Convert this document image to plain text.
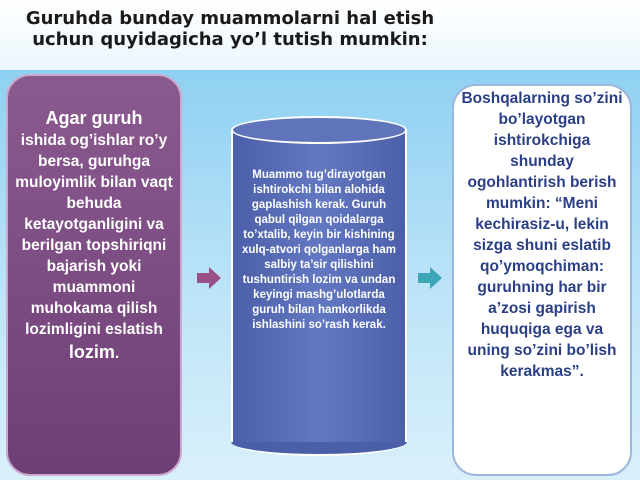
Guruhda bunday muammolarni hal etish uchun quyidagicha yo’l tutish mumkin:
Agar guruh
ishida og’ishlar ro’y bersa, guruhga muloyimlik bilan vaqt behuda ketayotganligini va berilgan topshiriqni bajarish yoki muammoni muhokama qilish lozimligini eslatish lozim.
Muammo tug’dirayotgan ishtirokchi bilan alohida gaplashish kerak. Guruh qabul qilgan qoidalarga to’xtalib, keyin bir kishining xulq-atvori qolganlarga ham salbiy ta’sir qilishini tushuntirish lozim va undan keyingi mashg’ulotlarda guruh bilan hamkorlikda ishlashini so’rash kerak.
Boshqalarning so’zini bo’layotgan ishtirokchiga shunday ogohlantirish berish mumkin: “Meni kechirasiz-u, lekin sizga shuni eslatib qo’ymoqchiman: guruhning har bir a’zosi gapirish huquqiga ega va uning so’zini bo’lish kerakmas”.
